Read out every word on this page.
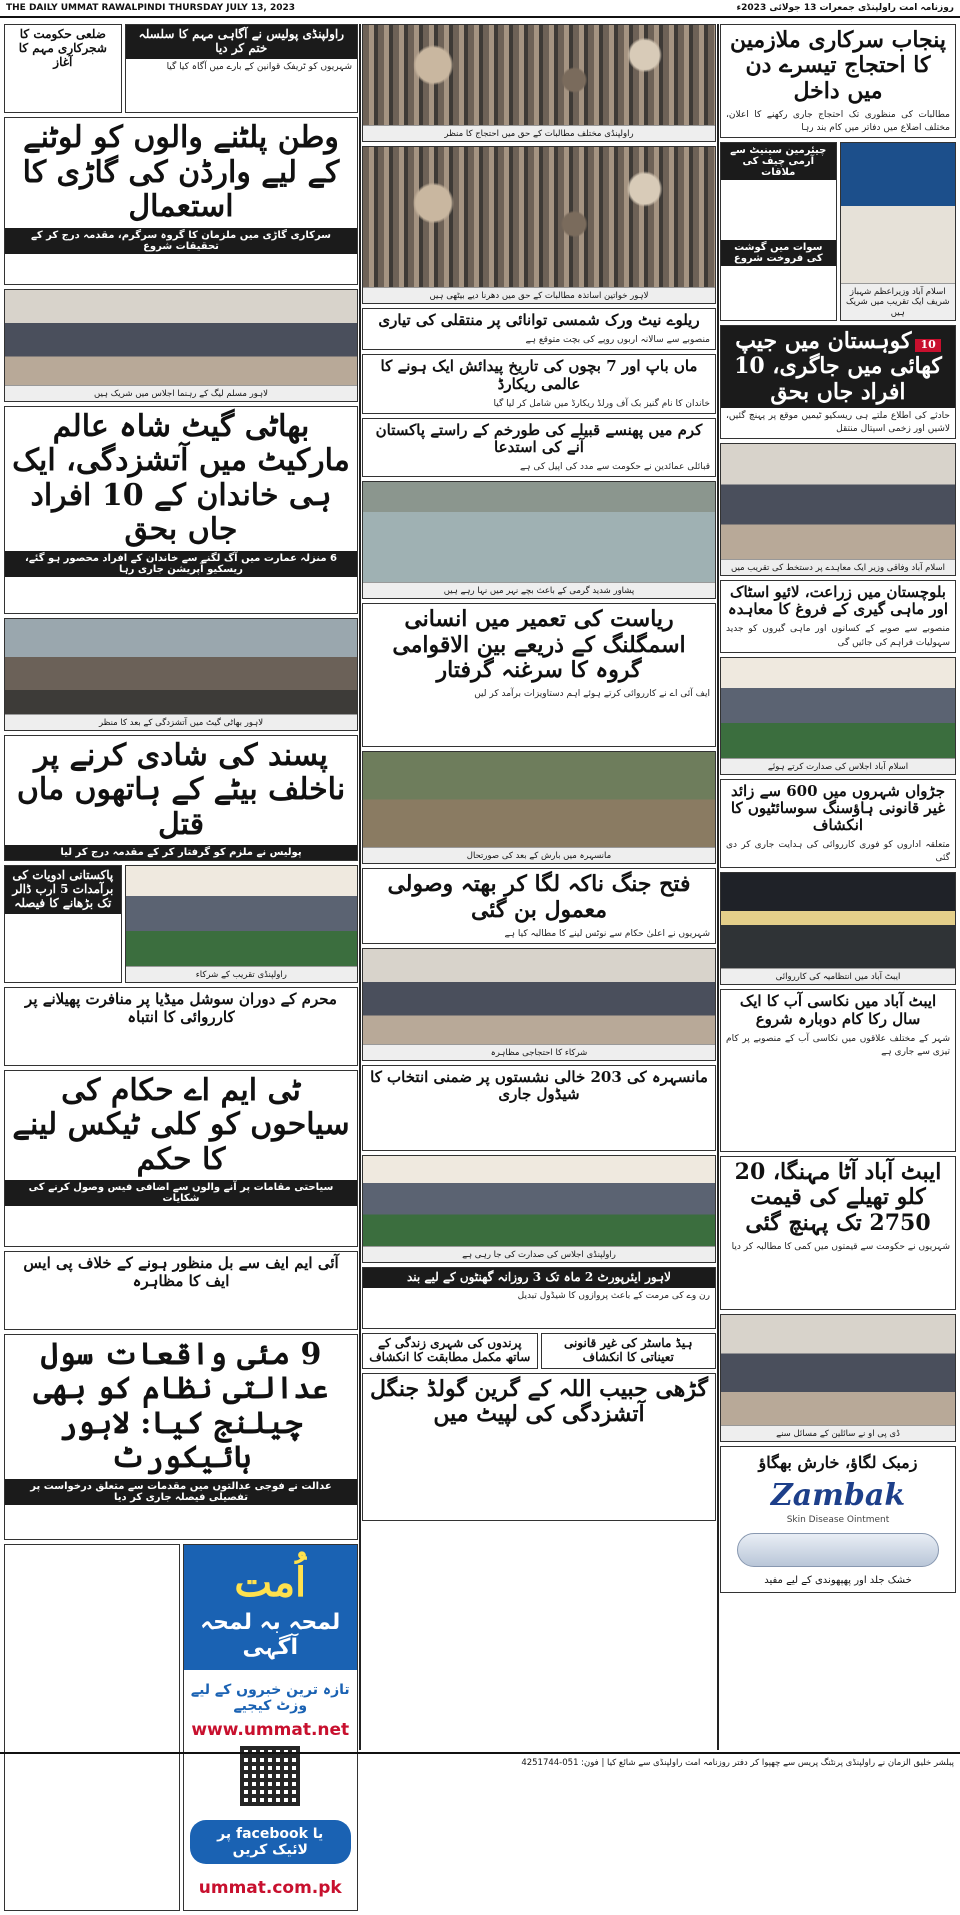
THE DAILY UMMAT RAWALPINDI THURSDAY JULY 13, 2023	روزنامہ امت راولپنڈی جمعرات 13 جولائی 2023ء
پنجاب سرکاری ملازمین کا احتجاج تیسرے دن میں داخل
مطالبات کی منظوری تک احتجاج جاری رکھنے کا اعلان، مختلف اضلاع میں دفاتر میں کام بند رہا
چیئرمین سینیٹ سے آرمی چیف کی ملاقات
سوات میں گوشت کی فروخت شروع
اسلام آباد وزیراعظم شہباز شریف ایک تقریب میں شریک ہیں
10کوہستان میں جیپ کھائی میں جاگری، 10 افراد جاں بحق
حادثے کی اطلاع ملتے ہی ریسکیو ٹیمیں موقع پر پہنچ گئیں، لاشیں اور زخمی اسپتال منتقل
اسلام آباد وفاقی وزیر ایک معاہدے پر دستخط کی تقریب میں
بلوچستان میں زراعت، لائیو اسٹاک اور ماہی گیری کے فروغ کا معاہدہ
منصوبے سے صوبے کے کسانوں اور ماہی گیروں کو جدید سہولیات فراہم کی جائیں گی
اسلام آباد اجلاس کی صدارت کرتے ہوئے
جڑواں شہروں میں 600 سے زائد غیر قانونی ہاؤسنگ سوسائٹیوں کا انکشاف
متعلقہ اداروں کو فوری کارروائی کی ہدایت جاری کر دی گئی
ایبٹ آباد میں انتظامیہ کی کارروائی
ایبٹ آباد میں نکاسی آب کا ایک سال رکا کام دوبارہ شروع
شہر کے مختلف علاقوں میں نکاسی آب کے منصوبے پر کام تیزی سے جاری ہے
ایبٹ آباد آٹا مہنگا، 20 کلو تھیلے کی قیمت 2750 تک پہنچ گئی
شہریوں نے حکومت سے قیمتوں میں کمی کا مطالبہ کر دیا
ڈی پی او نے سائلین کے مسائل سنے
زمبک لگاؤ، خارش بھگاؤ
Zambak
Skin Disease Ointment
خشک جلد اور پھپھوندی کے لیے مفید
راولپنڈی مختلف مطالبات کے حق میں احتجاج کا منظر
لاہور خواتین اساتذہ مطالبات کے حق میں دھرنا دیے بیٹھی ہیں
ریلوے نیٹ ورک شمسی توانائی پر منتقلی کی تیاری
منصوبے سے سالانہ اربوں روپے کی بچت متوقع ہے
ماں باپ اور 7 بچوں کی تاریخ پیدائش ایک ہونے کا عالمی ریکارڈ
خاندان کا نام گنیز بک آف ورلڈ ریکارڈ میں شامل کر لیا گیا
کرم میں پھنسے قبیلے کی طورخم کے راستے پاکستان آنے کی استدعا
قبائلی عمائدین نے حکومت سے مدد کی اپیل کی ہے
پشاور شدید گرمی کے باعث بچے نہر میں نہا رہے ہیں
ریاست کی تعمیر میں انسانی اسمگلنگ کے ذریعے بین الاقوامی گروہ کا سرغنہ گرفتار
ایف آئی اے نے کارروائی کرتے ہوئے اہم دستاویزات برآمد کر لیں
مانسہرہ میں بارش کے بعد کی صورتحال
فتح جنگ ناکہ لگا کر بھتہ وصولی معمول بن گئی
شہریوں نے اعلیٰ حکام سے نوٹس لینے کا مطالبہ کیا ہے
شرکاء کا احتجاجی مظاہرہ
مانسہرہ کی 203 خالی نشستوں پر ضمنی انتخاب کا شیڈول جاری
راولپنڈی اجلاس کی صدارت کی جا رہی ہے
لاہور ایئرپورٹ 2 ماہ تک 3 روزانہ گھنٹوں کے لیے بند
رن وے کی مرمت کے باعث پروازوں کا شیڈول تبدیل
پرندوں کی شہری زندگی کے ساتھ مکمل مطابقت کا انکشاف
ہیڈ ماسٹر کی غیر قانونی تعیناتی کا انکشاف
گڑھی حبیب اللہ کے گرین گولڈ جنگل آتشزدگی کی لپیٹ میں
ضلعی حکومت کا شجرکاری مہم کا آغاز
راولپنڈی پولیس نے آگاہی مہم کا سلسلہ ختم کر دیا
شہریوں کو ٹریفک قوانین کے بارے میں آگاہ کیا گیا
وطن پلٹنے والوں کو لوٹنے کے لیے وارڈن کی گاڑی کا استعمال
سرکاری گاڑی میں ملزمان کا گروہ سرگرم، مقدمہ درج کر کے تحقیقات شروع
لاہور مسلم لیگ کے رہنما اجلاس میں شریک ہیں
بھاٹی گیٹ شاہ عالم مارکیٹ میں آتشزدگی، ایک ہی خاندان کے 10 افراد جاں بحق
6 منزلہ عمارت میں آگ لگنے سے خاندان کے افراد محصور ہو گئے، ریسکیو آپریشن جاری رہا
لاہور بھاٹی گیٹ میں آتشزدگی کے بعد کا منظر
پسند کی شادی کرنے پر ناخلف بیٹے کے ہاتھوں ماں قتل
پولیس نے ملزم کو گرفتار کر کے مقدمہ درج کر لیا
پاکستانی ادویات کی برآمدات 5 ارب ڈالر تک بڑھانے کا فیصلہ
راولپنڈی تقریب کے شرکاء
محرم کے دوران سوشل میڈیا پر منافرت پھیلانے پر کارروائی کا انتباہ
ٹی ایم اے حکام کی سیاحوں کو کلی ٹیکس لینے کا حکم
سیاحتی مقامات پر آنے والوں سے اضافی فیس وصول کرنے کی شکایات
آئی ایم ایف سے بل منظور ہونے کے خلاف پی ایس ایف کا مظاہرہ
9 مئی واقعات سول عدالتی نظام کو بھی چیلنج کیا: لاہور ہائیکورٹ
عدالت نے فوجی عدالتوں میں مقدمات سے متعلق درخواست پر تفصیلی فیصلہ جاری کر دیا
اُمت
لمحہ بہ لمحہ آگہی
تازہ ترین خبروں کے لیے وزٹ کیجیے
www.ummat.net
یا facebook پر لائیک کریں
ummat.com.pk
پبلشر خلیق الزمان نے راولپنڈی پرنٹنگ پریس سے چھپوا کر دفتر روزنامہ امت راولپنڈی سے شائع کیا | فون: 051-4251744
